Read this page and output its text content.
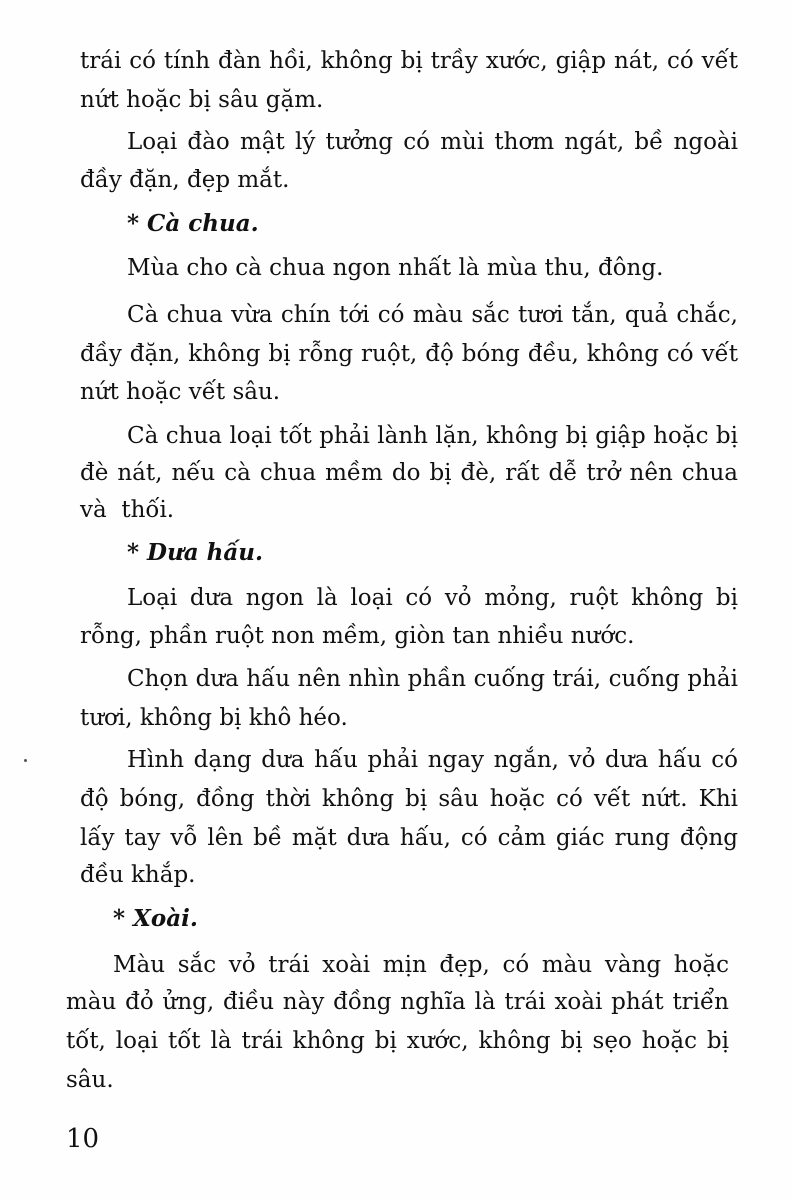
trái có tính đàn hồi, không bị trầy xước, giập nát, có vết

nứt hoặc bị sâu gặm.

Loại đào mật lý tưởng có mùi thơm ngát, bề ngoài

đầy đặn, đẹp mắt.

* Cà chua.

Mùa cho cà chua ngon nhất là mùa thu, đông.

Cà chua vừa chín tới có màu sắc tươi tắn, quả chắc,

đầy đặn, không bị rỗng ruột, độ bóng đều, không có vết

nứt hoặc vết sâu.

Cà chua loại tốt phải lành lặn, không bị giập hoặc bị

đè nát, nếu cà chua mềm do bị đè, rất dễ trở nên chua

và  thối.

* Dưa hấu.

Loại dưa ngon là loại có vỏ mỏng, ruột không bị

rỗng, phần ruột non mềm, giòn tan nhiều nước.

Chọn dưa hấu nên nhìn phần cuống trái, cuống phải

tươi, không bị khô héo.

Hình dạng dưa hấu phải ngay ngắn, vỏ dưa hấu có

độ bóng, đồng thời không bị sâu hoặc có vết nứt. Khi

lấy tay vỗ lên bề mặt dưa hấu, có cảm giác rung động

đều khắp.

* Xoài.

Màu sắc vỏ trái xoài mịn đẹp, có màu vàng hoặc

màu đỏ ửng, điều này đồng nghĩa là trái xoài phát triển

tốt, loại tốt là trái không bị xước, không bị sẹo hoặc bị

sâu.

10
